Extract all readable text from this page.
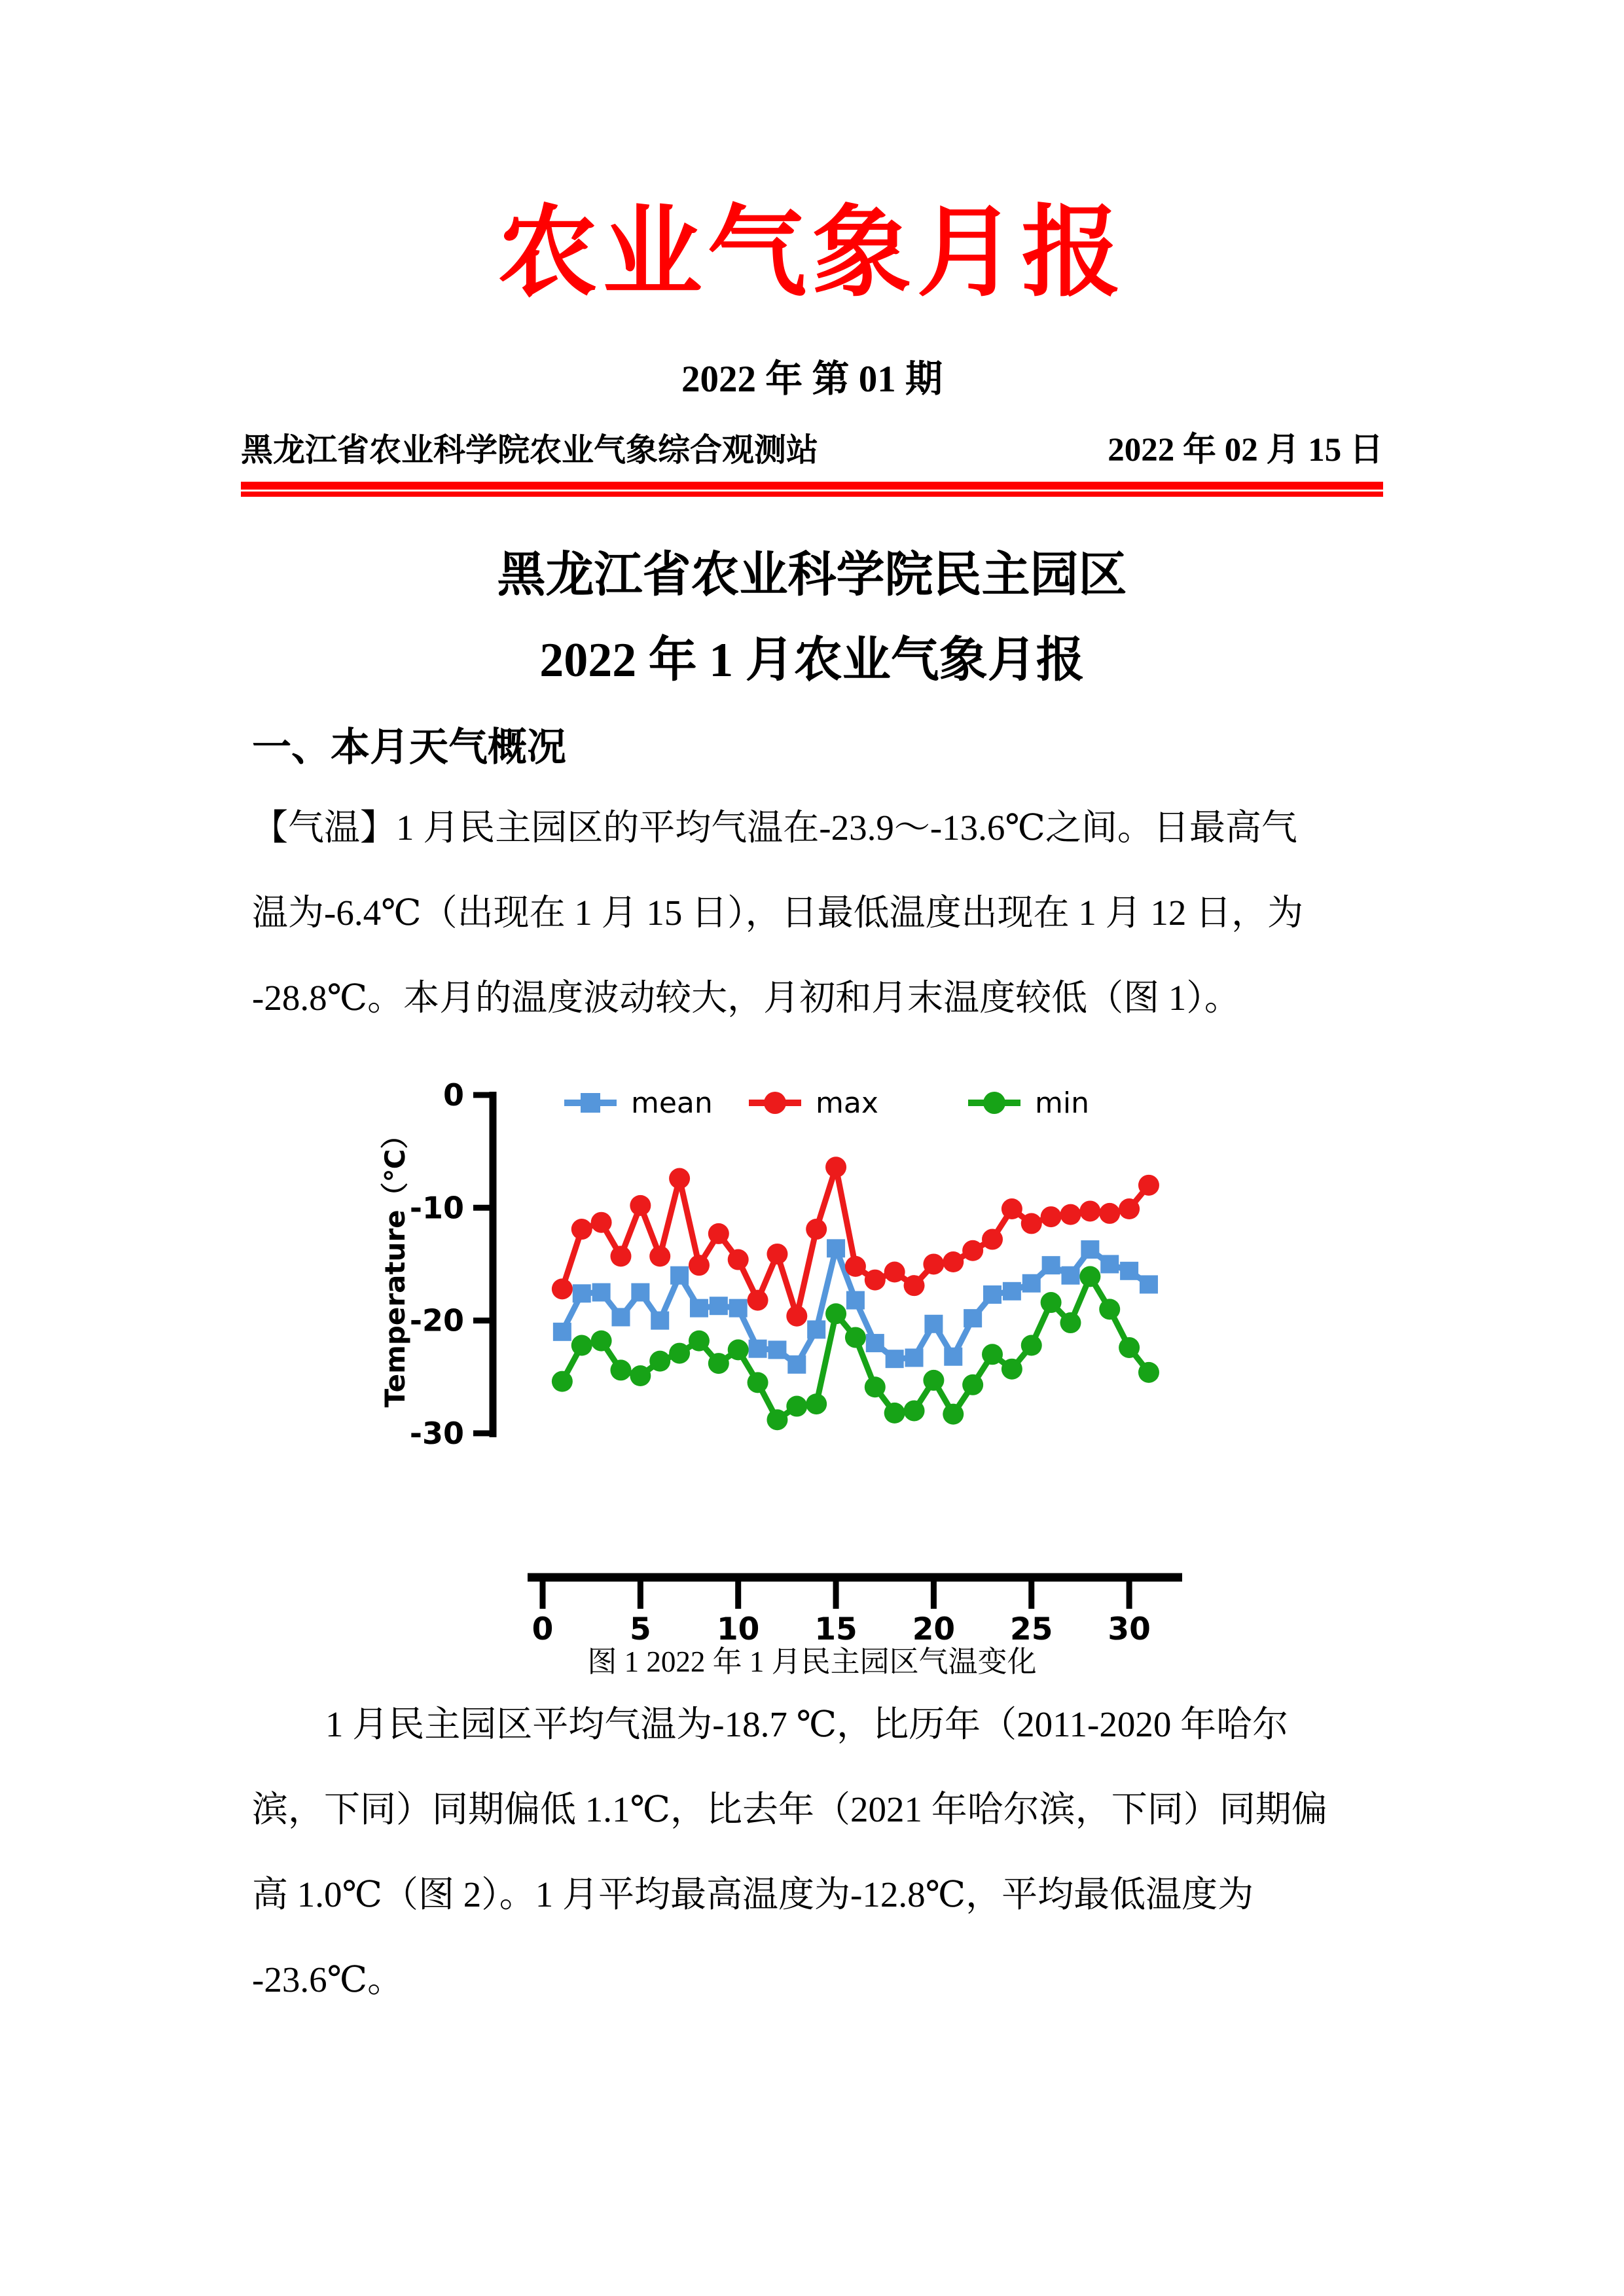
农业气象月报
2022 年 第 01 期
黑龙江省农业科学院农业气象综合观测站	2022 年 02 月 15 日
黑龙江省农业科学院民主园区
2022 年 1 月农业气象月报
一、本月天气概况
【气温】1 月民主园区的平均气温在-23.9～-13.6℃之间。日最高气
温为-6.4℃（出现在 1 月 15 日），日最低温度出现在 1 月 12 日，为
-28.8℃。本月的温度波动较大，月初和月末温度较低（图 1）。
mean	max	min
0
-10
-20
-30
Temperature（℃）
0 5 10 15 20 25 30
图 1 2022 年 1 月民主园区气温变化
1 月民主园区平均气温为-18.7 ℃，比历年（2011-2020 年哈尔
滨，下同）同期偏低 1.1℃，比去年（2021 年哈尔滨，下同）同期偏
高 1.0℃（图 2）。1 月平均最高温度为-12.8℃，平均最低温度为
-23.6℃。
